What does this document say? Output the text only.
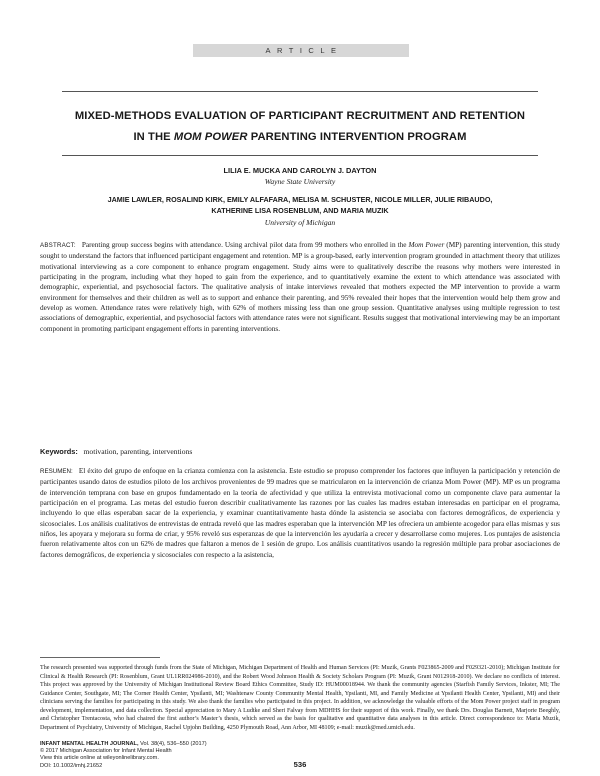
ARTICLE
MIXED-METHODS EVALUATION OF PARTICIPANT RECRUITMENT AND RETENTION
IN THE MOM POWER PARENTING INTERVENTION PROGRAM
LILIA E. MUCKA AND CAROLYN J. DAYTON
Wayne State University
JAMIE LAWLER, ROSALIND KIRK, EMILY ALFAFARA, MELISA M. SCHUSTER, NICOLE MILLER, JULIE RIBAUDO,
KATHERINE LISA ROSENBLUM, AND MARIA MUZIK
University of Michigan
ABSTRACT: Parenting group success begins with attendance. Using archival pilot data from 99 mothers who enrolled in the Mom Power (MP) parenting intervention, this study sought to understand the factors that influenced participant engagement and retention. MP is a group-based, early intervention program grounded in attachment theory that utilizes motivational interviewing as a core component to enhance program engagement. Study aims were to qualitatively describe the reasons why mothers were interested in participating in the program, including what they hoped to gain from the experience, and to quantitatively examine the extent to which attendance was associated with demographic, experiential, and psychosocial factors. The qualitative analysis of intake interviews revealed that mothers expected the MP intervention to provide a warm environment for themselves and their children as well as to support and enhance their parenting, and 95% revealed their hopes that the intervention would help them grow and develop as women. Attendance rates were relatively high, with 62% of mothers missing less than one group session. Quantitative analyses using multiple regression to test associations of demographic, experiential, and psychosocial factors with attendance rates were not significant. Results suggest that motivational interviewing may be an important component in promoting participant engagement efforts in parenting interventions.
Keywords: motivation, parenting, interventions
RESUMEN: El éxito del grupo de enfoque en la crianza comienza con la asistencia. Este estudio se propuso comprender los factores que influyen la participación y retención de participantes usando datos de estudios piloto de los archivos provenientes de 99 madres que se matricularon en la intervención de crianza Mom Power (MP). MP es un programa de intervención temprana con base en grupos fundamentado en la teoría de afectividad y que utiliza la entrevista motivacional como un componente clave para aumentar la participación en el programa. Las metas del estudio fueron describir cualitativamente las razones por las cuales las madres estaban interesadas en participar en el programa, incluyendo lo que ellas esperaban sacar de la experiencia, y examinar cuantitativamente hasta dónde la asistencia se asociaba con factores demográficos, de experiencia y sicosociales. Los análisis cualitativos de entrevistas de entrada reveló que las madres esperaban que la intervención MP les ofreciera un ambiente acogedor para ellas mismas y sus niños, les apoyara y mejorara su forma de criar, y 95% reveló sus esperanzas de que la intervención les ayudaría a crecer y desarrollarse como mujeres. Los puntajes de asistencia fueron relativamente altos con un 62% de madres que faltaron a menos de 1 sesión de grupo. Los análisis cuantitativos usando la regresión múltiple para probar asociaciones de factores demográficos, de experiencia y sicosociales con respecto a la asistencia,
The research presented was supported through funds from the State of Michigan, Michigan Department of Health and Human Services (PI: Muzik, Grants F023865-2009 and F029321-2010); Michigan Institute for Clinical & Health Research (PI: Rosenblum, Grant UL1RR024986-2010), and the Robert Wood Johnson Health & Society Scholars Program (PI: Muzik, Grant N012918-2010). We declare no conflicts of interest. This project was approved by the University of Michigan Institutional Review Board Ethics Committee, Study ID: HUM00018944. We thank the community agencies (Starfish Family Services, Inkster, MI; The Guidance Center, Southgate, MI; The Corner Health Center, Ypsilanti, MI; Washtenaw County Community Mental Health, Ypsilanti, MI, and Family Medicine at Ypsilanti Health Center, Ypsilanti, MI) and their clinicians serving the families for participating in this study. We also thank the families who participated in this project. In addition, we acknowledge the valuable efforts of the Mom Power project staff in program development, implementation, and data collection. Special appreciation to Mary A Ludtke and Sheri Falvay from MDHHS for their support of this work. Finally, we thank Drs. Douglas Barnett, Marjorie Beeghly, and Christopher Trentacosta, who had chaired the first author’s Master’s thesis, which served as the basis for qualitative and quantitative data analyses in this article. Direct correspondence to: Maria Muzik, Department of Psychiatry, University of Michigan, Rachel Upjohn Building, 4250 Plymouth Road, Ann Arbor, MI 48109; e-mail: muzik@med.umich.edu.
INFANT MENTAL HEALTH JOURNAL, Vol. 38(4), 536–550 (2017)
© 2017 Michigan Association for Infant Mental Health
View this article online at wileyonlinelibrary.com.
DOI: 10.1002/imhj.21652	536
